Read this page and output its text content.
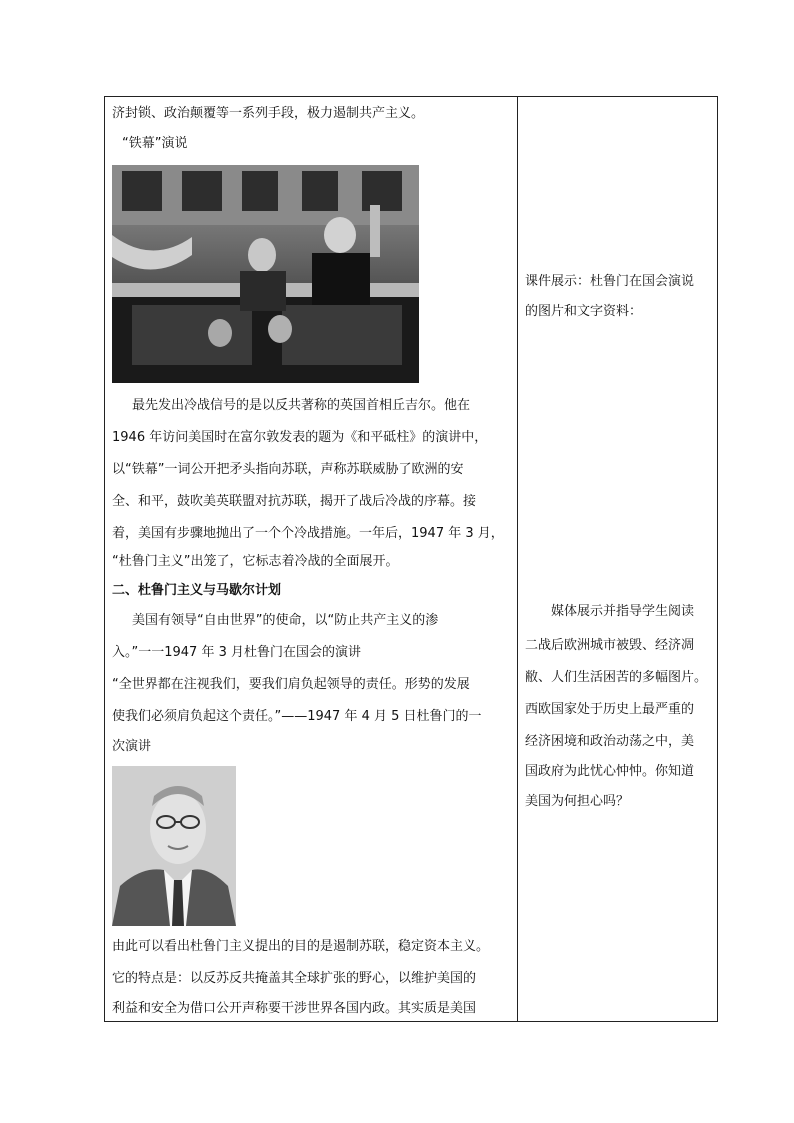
济封锁、政治颠覆等一系列手段，极力遏制共产主义。
“铁幕”演说
最先发出冷战信号的是以反共著称的英国首相丘吉尔。他在
1946 年访问美国时在富尔敦发表的题为《和平砥柱》的演讲中，
以“铁幕”一词公开把矛头指向苏联，声称苏联威胁了欧洲的安
全、和平，鼓吹美英联盟对抗苏联，揭开了战后冷战的序幕。接
着，美国有步骤地抛出了一个个冷战措施。一年后，1947 年 3 月，
“杜鲁门主义”出笼了，它标志着冷战的全面展开。
二、杜鲁门主义与马歇尔计划
美国有领导“自由世界”的使命，以“防止共产主义的渗
入。”一一1947 年 3 月杜鲁门在国会的演讲
“全世界都在注视我们，要我们肩负起领导的责任。形势的发展
使我们必须肩负起这个责任。”——1947 年 4 月 5 日杜鲁门的一
次演讲
由此可以看出杜鲁门主义提出的目的是遏制苏联，稳定资本主义。
它的特点是：以反苏反共掩盖其全球扩张的野心，以维护美国的
利益和安全为借口公开声称要干涉世界各国内政。其实质是美国
课件展示：杜鲁门在国会演说
的图片和文字资料：
媒体展示并指导学生阅读
二战后欧洲城市被毁、经济凋
敝、人们生活困苦的多幅图片。
西欧国家处于历史上最严重的
经济困境和政治动荡之中，美
国政府为此忧心忡忡。你知道
美国为何担心吗？
